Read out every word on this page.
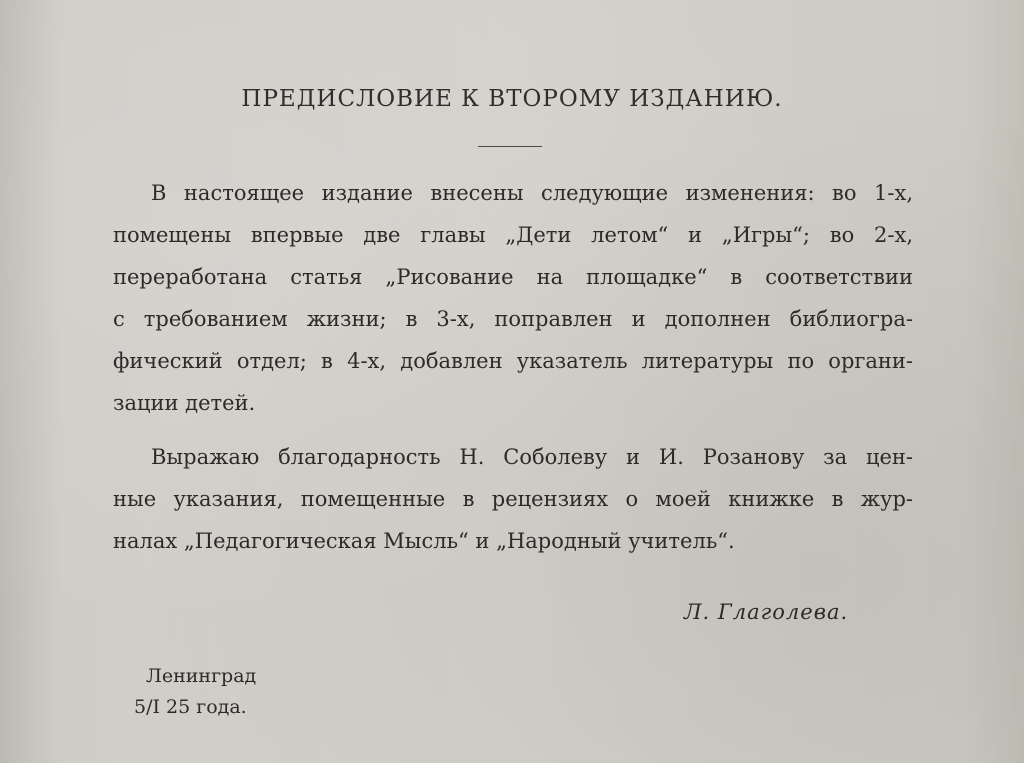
ПРЕДИСЛОВИЕ К ВТОРОМУ ИЗДАНИЮ.
В настоящее издание внесены следующие изменения: во 1-х,
помещены впервые две главы „Дети летом“ и „Игры“; во 2-х,
переработана статья „Рисование на площадке“ в соответствии
с требованием жизни; в 3-х, поправлен и дополнен библиогра-
фический отдел; в 4-х, добавлен указатель литературы по органи-
зации детей.
Выражаю благодарность Н. Соболеву и И. Розанову за цен-
ные указания, помещенные в рецензиях о моей книжке в жур-
налах „Педагогическая Мысль“ и „Народный учитель“.
Л. Глаголева.
Ленинград
5/I 25 года.
